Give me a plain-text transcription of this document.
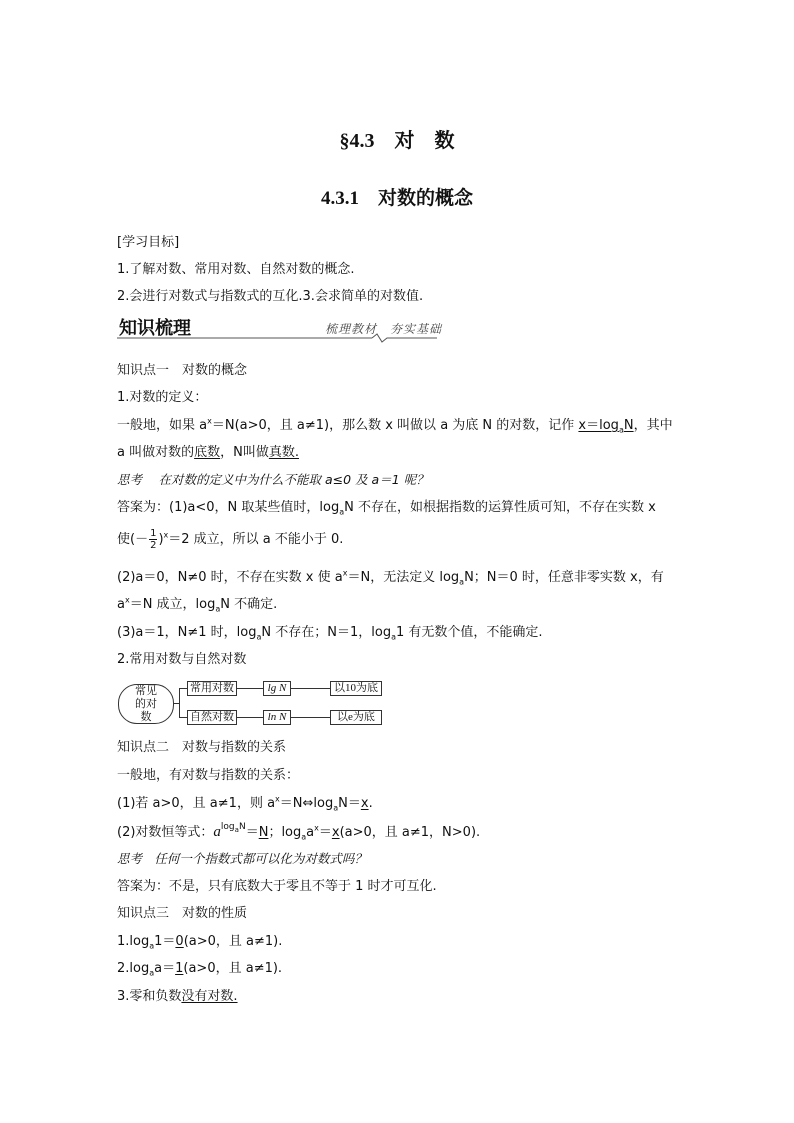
§4.3　对　数
4.3.1　对数的概念
[学习目标]
1.了解对数、常用对数、自然对数的概念.
2.会进行对数式与指数式的互化.3.会求简单的对数值.
知识梳理	梳理教材　夯实基础
知识点一　对数的概念
1.对数的定义：
一般地，如果 $a^x=N(a>0$，且 a≠1)，那么数 x 叫做以 a 为底 N 的对数，记作 $x=\log_aN$，其中
a 叫做对数的底数，N叫做真数.
思考 在对数的定义中为什么不能取 a≤0 及 a＝1 呢？
答案为：(1)a<0，N 取某些值时，$\log_aN$ 不存在，如根据指数的运算性质可知，不存在实数 x
使(－ $\frac{1}{2} )^x=2$ 成立，所以 a 不能小于 0.
(2)a＝0，N≠0 时，不存在实数 x 使 $a^x=N$，无法定义 $\log_aN$；N＝0 时，任意非零实数 x，有
$a^x=N$ 成立，$\log_aN$ 不确定.
(3)a＝1，N≠1 时，$\log_aN$ 不存在；N＝1，$\log_a1$ 有无数个值，不能确定.
2.常用对数与自然对数
常见的对数
常用对数	lg N	以10为底
自然对数	ln N	以e为底
知识点二　对数与指数的关系
一般地，有对数与指数的关系：
(1)若 a>0，且 a≠1，则 $a^x=N\Leftrightarrow\log_aN=x$.
(2)对数恒等式：$a^{log_aN}=N$；$\log_aa^x=x(a>0$，且 a≠1，N>0).
思考 任何一个指数式都可以化为对数式吗？
答案为：不是，只有底数大于零且不等于 1 时才可互化.
知识点三　对数的性质
$1.\log_a1=0(a>0$，且 a≠1).
$2.\log_aa=1(a>0$，且 a≠1).
3.零和负数没有对数.
